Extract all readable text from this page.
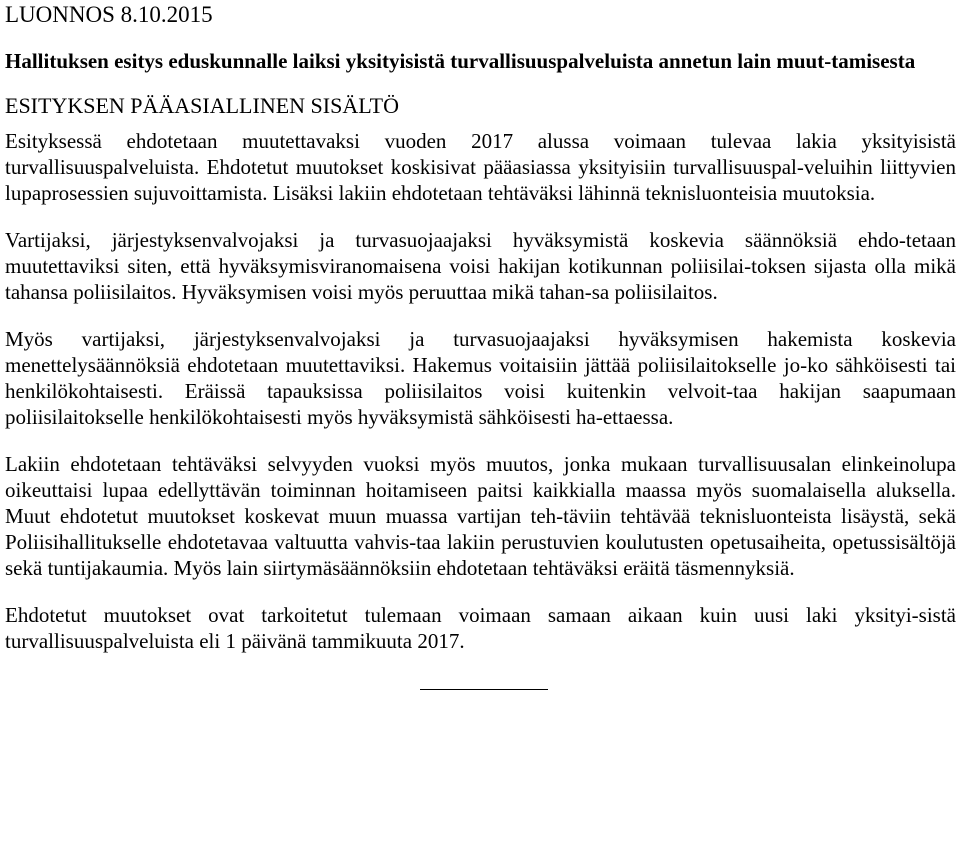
LUONNOS 8.10.2015

Hallituksen esitys eduskunnalle laiksi yksityisistä turvallisuuspalveluista annetun lain muut-tamisesta
ESITYKSEN PÄÄASIALLINEN SISÄLTÖ

Esityksessä ehdotetaan muutettavaksi vuoden 2017 alussa voimaan tulevaa lakia yksityisistä turvallisuuspalveluista. Ehdotetut muutokset koskisivat pääasiassa yksityisiin turvallisuuspal-veluihin liittyvien lupaprosessien sujuvoittamista. Lisäksi lakiin ehdotetaan tehtäväksi lähinnä teknisluonteisia muutoksia.

Vartijaksi, järjestyksenvalvojaksi ja turvasuojaajaksi hyväksymistä koskevia säännöksiä ehdo-tetaan muutettaviksi siten, että hyväksymisviranomaisena voisi hakijan kotikunnan poliisilai-toksen sijasta olla mikä tahansa poliisilaitos. Hyväksymisen voisi myös peruuttaa mikä tahan-sa poliisilaitos.

Myös vartijaksi, järjestyksenvalvojaksi ja turvasuojaajaksi hyväksymisen hakemista koskevia menettelysäännöksiä ehdotetaan muutettaviksi. Hakemus voitaisiin jättää poliisilaitokselle jo-ko sähköisesti tai henkilökohtaisesti. Eräissä tapauksissa poliisilaitos voisi kuitenkin velvoit-taa hakijan saapumaan poliisilaitokselle henkilökohtaisesti myös hyväksymistä sähköisesti ha-ettaessa.

Lakiin ehdotetaan tehtäväksi selvyyden vuoksi myös muutos, jonka mukaan turvallisuusalan elinkeinolupa oikeuttaisi lupaa edellyttävän toiminnan hoitamiseen paitsi kaikkialla maassa myös suomalaisella aluksella. Muut ehdotetut muutokset koskevat muun muassa vartijan teh-täviin tehtävää teknisluonteista lisäystä, sekä Poliisihallitukselle ehdotetavaa valtuutta vahvis-taa lakiin perustuvien koulutusten opetusaiheita, opetussisältöjä sekä tuntijakaumia. Myös lain siirtymäsäännöksiin ehdotetaan tehtäväksi eräitä täsmennyksiä.

Ehdotetut muutokset ovat tarkoitetut tulemaan voimaan samaan aikaan kuin uusi laki yksityi-sistä turvallisuuspalveluista eli 1 päivänä tammikuuta 2017.
